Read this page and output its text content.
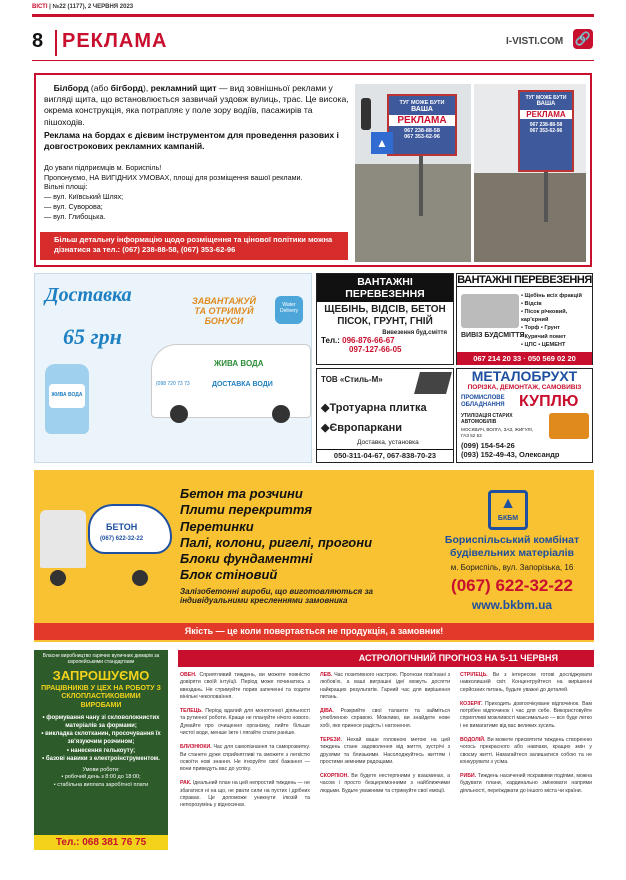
ВІСТІ | №22 (1177), 2 ЧЕРВНЯ 2023
8 РЕКЛАМА	I-VISTI.COM 🔗
Білборд (або бігборд), рекламний щит — вид зовнішньої реклами у вигляді щита, що встановлюється зазвичай уздовж вулиць, трас. Це висока, окрема конструкція, яка потрапляє у поле зору водіїв, пасажирів та пішоходів.
Реклама на бордах є дієвим інструментом для проведення разових і довгострокових рекламних кампаній.
До уваги підприємців м. Бориспіль!
Пропонуємо, НА ВИГІДНИХ УМОВАХ, площі для розміщення вашої реклами.
Вільні площі:
— вул. Київський Шлях;
— вул. Суворова;
— вул. Глибоцька.
Більш детальну інформацію щодо розміщення та цінової політики можна дізнатися за тел.: (067) 238-88-58, (067) 353-62-96
ТУГ МОЖЕ БУТИ
ВАША
РЕКЛАМА
067 238-88-58
067 353-62-96
▲
ТУГ МОЖЕ БУТИ
ВАША
РЕКЛАМА
067 238-88-58
067 353-62-96
Доставка
65 грн
ЗАВАНТАЖУЙ
ТА ОТРИМУЙ
БОНУСИ
Water Delivery
ЖИВА ВОДА
ЖИВА ВОДА
ДОСТАВКА ВОДИ
(098 720 73 73
ВАНТАЖНІ ПЕРЕВЕЗЕННЯ
ЩЕБІНЬ, ВІДСІВ, БЕТОН ПІСОК, ГРУНТ, ГНІЙ
Вивезення буд.сміття
Тел.: 096-876-66-67
097-127-66-05
ВАНТАЖНІ ПЕРЕВЕЗЕННЯ
• Щебінь всіх фракцій
• Відсів
• Пісок річковий, кар'єрний
• Торф • Грунт
• Курячий помет
• ЦПС • ЦЕМЕНТ
ВИВІЗ БУДСМІТТЯ
067 214 20 33 · 050 569 02 20
ТОВ «Стиль-М»
◆Тротуарна плитка
◆Європаркани
Доставка, установка
050-311-04-67, 067-838-70-23
МЕТАЛОБРУХТ
ПОРІЗКА, ДЕМОНТАЖ, САМОВИВІЗ
ПРОМИСЛОВЕ ОБЛАДНАННЯ КУПЛЮ
УТИЛІЗАЦІЯ СТАРИХ АВТОМОБІЛІВ
МОСКВИЧ, ВОЛГА, ЗАЗ, ЖИГУЛІ, ГАЗ 52 53
(099) 154-54-26
(093) 152-49-43, Олександр
БЕТОН
(067) 622-32-22
Бетон та розчини
Плити перекриття
Перетинки
Палі, колони, ригелі, прогони
Блоки фундаментні
Блок стіновий
Залізобетонні вироби, що виготовляються за індивідуальними кресленнями замовника
▲
БКБМ
Бориспільський комбінат
будівельних матеріалів
м. Бориспіль, вул. Запорізька, 16
(067) 622-32-22
www.bkbm.ua
Якість — це коли повертається не продукція, а замовник!
Власне виробництво гарячих вуличних димарів за європейськими стандартами
ЗАПРОШУЄМО
ПРАЦІВНИКІВ У ЦЕХ НА РОБОТУ З СКЛОПЛАСТИКОВИМИ ВИРОБАМИ
• формування чану зі скловолокнистих матеріалів за формами;
• викладка склотканин, просочування їх зв'язуючим розчином;
• нанесення гелькоуту;
• базові навики з електроінструментом.
Умови роботи:
• робочий день з 8:00 до 18:00;
• стабільна виплата заробітної плати
Тел.: 068 381 76 75
АСТРОЛОГІЧНИЙ ПРОГНОЗ НА 5-11 ЧЕРВНЯ

ОВЕН. Сприятливий тиждень, ви можете повністю довіряти своїй інтуїції. Період може починатись з ввездань. Не стримуйте порив запеченні та ходити вінільні чеколоваїння.

ТЕЛЕЦЬ. Період вдалий для монотонної діяльності та рутинної роботи. Краще не плануйте нічого нового. Думайте про очищення організму, пийте більше чистої води, менше їжте і лягайте спати раніше.

БЛИЗНЮКИ. Час для самопізнання та саморозвитку. Ви станете дуже сприйнятливі та зможете з легкістю освоїти нові знання. Не ігноруйте свої бажання — вони приведуть вас до успіху.

РАК. Ідеальний план на цей непростий тиждень — не збагатися ні на що, не рвати сили на пустих і дрібних справах. Це допоможе уникнути ілюзій та непорозумінь у відносинах.

ЛЕВ. Час позитивного настрою. Прогнози пов'язані з любов'ю, а ваші виграшні ідеї можуть досягти найкращих результатів. Гарний час для вирішення питань.

ДІВА. Розкрийте свої таланти та займіться улюбленою справою. Можливо, ви знайдете нове хобі, яке принесе радість і натхнення.

ТЕРЕЗИ. Нехай ваше головною метою на цей тиждень стане задоволення від життя, зустрічі з друзями та близькими. Насолоджуйтесь життям і простими земними радощами.

СКОРПІОН. Ви будете нестерпними у взаєминах, а часом і просто безцеремонними з найближчими людьми. Будьте уважними та стримуйте свої емоції.

СТРІЛЕЦЬ. Ви з інтересом готові досліджувати навколишній світ. Концентруйтеся на вирішенні серйозних питань, будьте уважні до деталей.

КОЗЕРІГ. Приходить довгоочікуване відпочинок. Вам потрібен відпочинок і час для себе. Використовуйте сприятливі можливості максимально — все буде легко і не вимагатиме від вас великих зусиль.

ВОДОЛІЙ. Ви можете присвятити тиждень створенню чогось прекрасного або навпаки, кращих змін у своєму житті. Намагайтеся залишатися собою та не конкурувати з усіма.

РИБИ. Тиждень насичений яскравими подіями, можна будувати плани, кардинально змінювати напрями діяльності, переїжджати до іншого міста чи країни.
